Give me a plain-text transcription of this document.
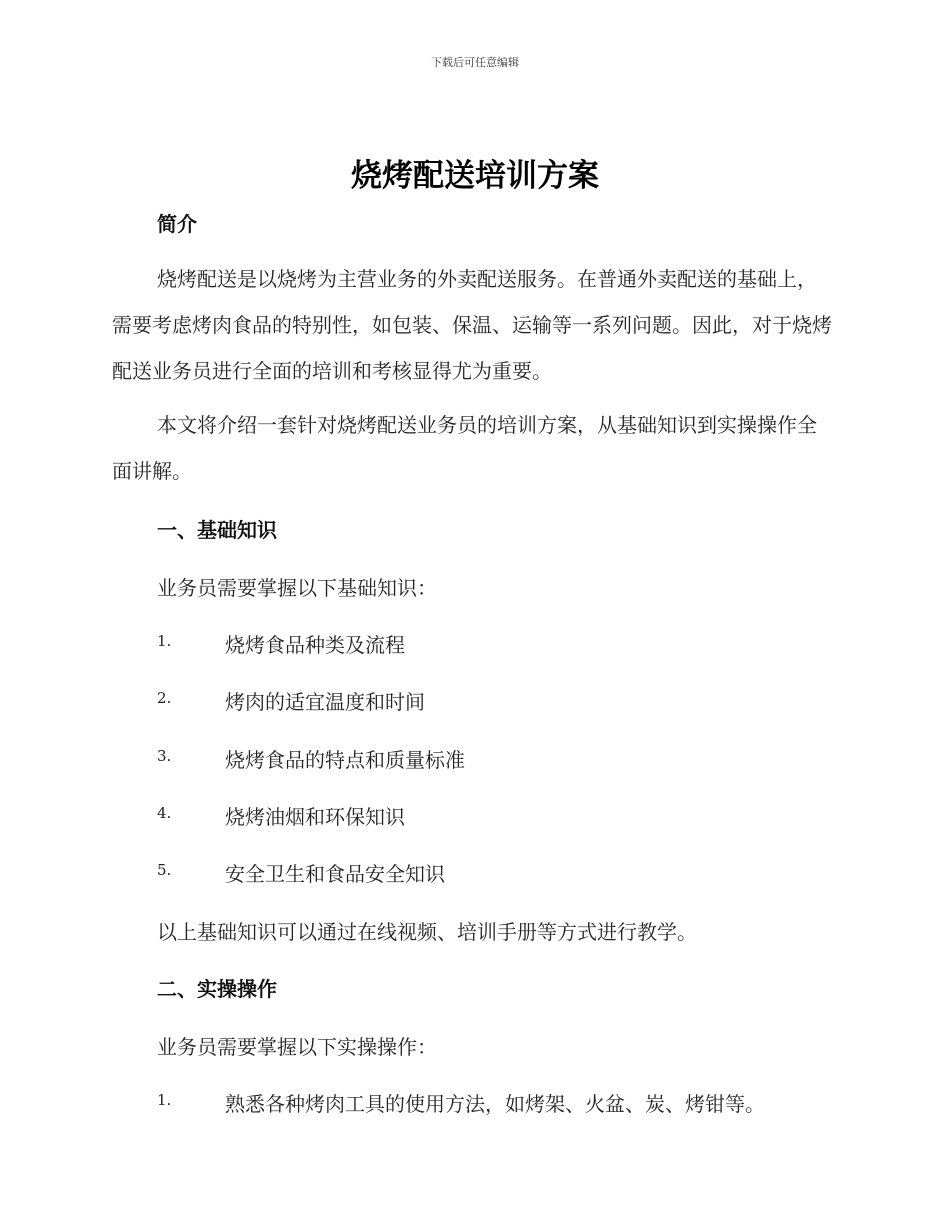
下载后可任意编辑
烧烤配送培训方案
简介
烧烤配送是以烧烤为主营业务的外卖配送服务。在普通外卖配送的基础上，需要考虑烤肉食品的特别性，如包装、保温、运输等一系列问题。因此，对于烧烤配送业务员进行全面的培训和考核显得尤为重要。
本文将介绍一套针对烧烤配送业务员的培训方案，从基础知识到实操操作全面讲解。
一、基础知识
业务员需要掌握以下基础知识：
1.	烧烤食品种类及流程
2.	烤肉的适宜温度和时间
3.	烧烤食品的特点和质量标准
4.	烧烤油烟和环保知识
5.	安全卫生和食品安全知识
以上基础知识可以通过在线视频、培训手册等方式进行教学。
二、实操操作
业务员需要掌握以下实操操作：
1.	熟悉各种烤肉工具的使用方法，如烤架、火盆、炭、烤钳等。
